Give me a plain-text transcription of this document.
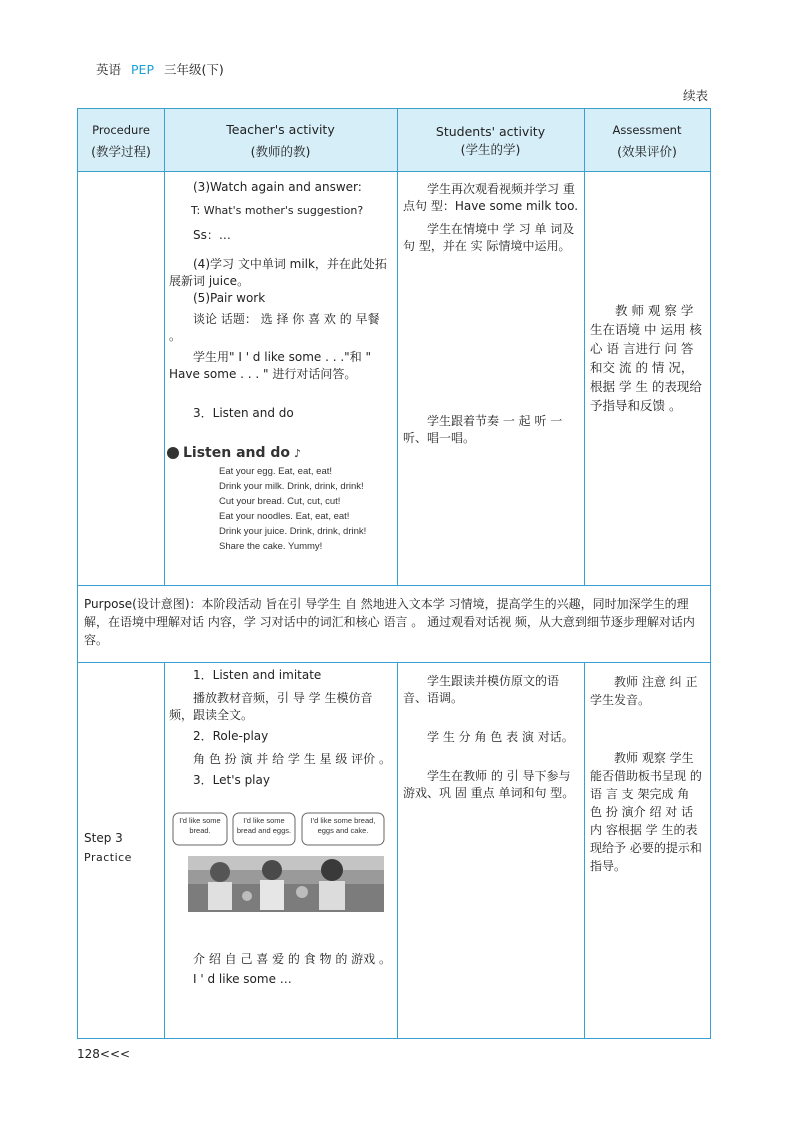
英语 PEP 三年级(下)
续表

Procedure

(教学过程)

Teacher's activity

(教师的教)

Students' activity

(学生的学)

Assessment

(效果评价)

(3)Watch again and answer:

T: What's mother's suggestion?

Ss：…

(4)学习 文中单词 milk，并在此处拓展新词 juice。

(5)Pair work

谈论 话题： 选 择 你 喜 欢 的 早餐 。

学生用" I ' d like some . . ."和 " Have some . . . " 进行对话问答。

3．Listen and do

学生再次观看视频并学习 重点句 型：Have some milk too.

学生在情境中 学 习 单 词及句 型，并在 实 际情境中运用。

学生跟着节奏 一 起 听 一听、唱一唱。

教 师 观 察 学生在语境 中 运用 核 心 语 言进行 问 答 和交 流 的 情 况，根据 学 生 的表现给予指导和反馈 。

Purpose(设计意图)：本阶段活动 旨在引 导学生 自 然地进入文本学 习情境，提高学生的兴趣，同时加深学生的理解，在语境中理解对话 内容，学 习对话中的词汇和核心 语言 。 通过观看对话视 频，从大意到细节逐步理解对话内容。

Step 3

Practice

1．Listen and imitate

播放教材音频，引 导 学 生模仿音频，跟读全文。

2．Role-play

角 色 扮 演 并 给 学 生 星 级 评价 。

3．Let's play

介 绍 自 己 喜 爱 的 食 物 的 游戏 。

I ' d like some …

学生跟读并模仿原文的语音、语调。

学 生 分 角 色 表 演 对话。

学生在教师 的 引 导下参与 游戏、巩 固 重点 单词和句 型。

教师 注意 纠 正学生发音。

教师 观察 学生能否借助板书呈现 的语 言 支 架完成 角 色 扮 演介 绍 对 话 内 容根据 学 生的表现给予 必要的提示和指导。

Listen and do ♪

Eat your egg. Eat, eat, eat!

Drink your milk. Drink, drink, drink!

Cut your bread. Cut, cut, cut!

Eat your noodles. Eat, eat, eat!

Drink your juice. Drink, drink, drink!

Share the cake. Yummy!

I'd like some bread.
I'd like some bread and eggs.
I'd like some bread, eggs and cake.
128<<<
